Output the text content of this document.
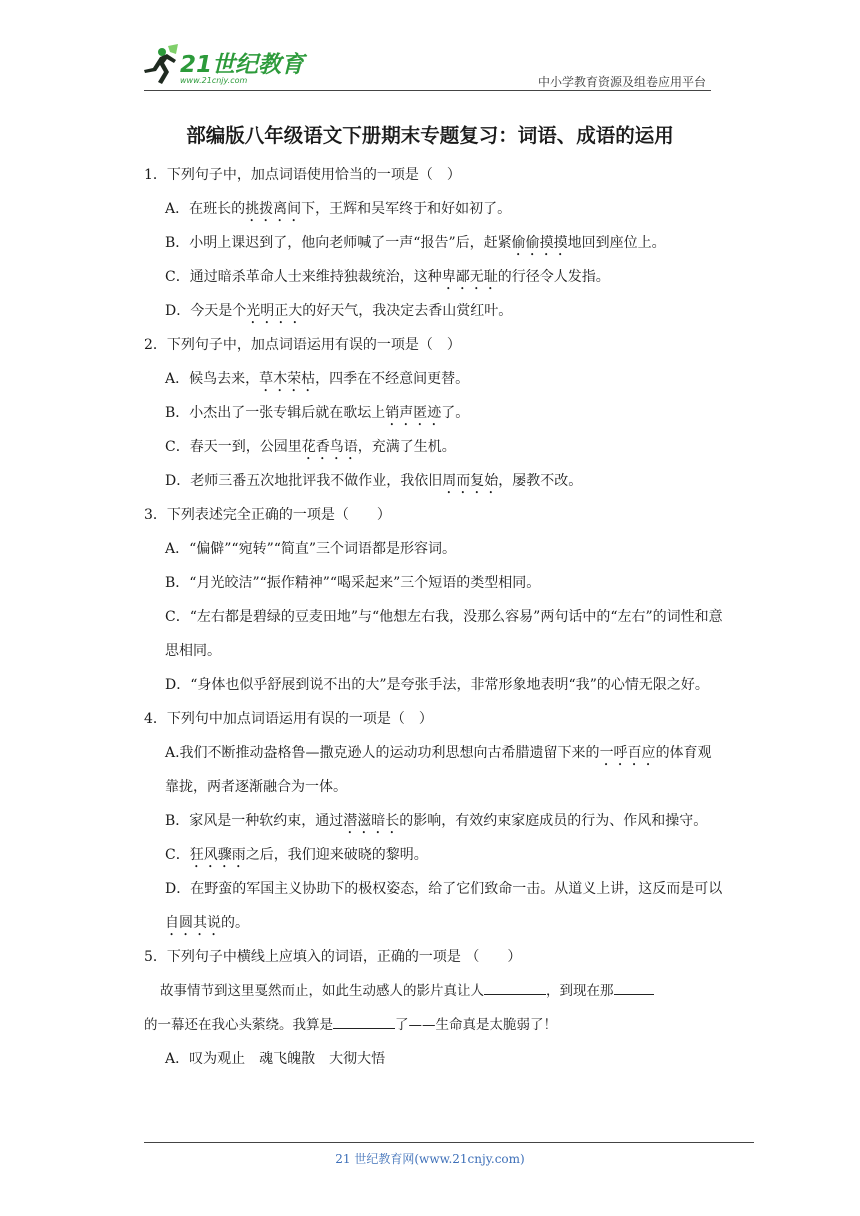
21世纪教育
www.21cnjy.com	中小学教育资源及组卷应用平台
部编版八年级语文下册期末专题复习：词语、成语的运用
1．下列句子中，加点词语使用恰当的一项是（　）
A．在班长的挑拨离间下，王辉和吴军终于和好如初了。
B．小明上课迟到了，他向老师喊了一声“报告”后，赶紧偷偷摸摸地回到座位上。
C．通过暗杀革命人士来维持独裁统治，这种卑鄙无耻的行径令人发指。
D．今天是个光明正大的好天气，我决定去香山赏红叶。
2．下列句子中，加点词语运用有误的一项是（　）
A．候鸟去来，草木荣枯，四季在不经意间更替。
B．小杰出了一张专辑后就在歌坛上销声匿迹了。
C．春天一到，公园里花香鸟语，充满了生机。
D．老师三番五次地批评我不做作业，我依旧周而复始，屡教不改。
3．下列表述完全正确的一项是（　　）
A．“偏僻”“宛转”“简直”三个词语都是形容词。
B．“月光皎洁”“振作精神”“喝采起来”三个短语的类型相同。
C．“左右都是碧绿的豆麦田地”与“他想左右我，没那么容易”两句话中的“左右”的词性和意思相同。
D．“身体也似乎舒展到说不出的大”是夸张手法，非常形象地表明“我”的心情无限之好。
4．下列句中加点词语运用有误的一项是（　）
A.我们不断推动盎格鲁—撒克逊人的运动功利思想向古希腊遗留下来的一呼百应的体育观靠拢，两者逐渐融合为一体。
B．家风是一种软约束，通过潜滋暗长的影响，有效约束家庭成员的行为、作风和操守。
C．狂风骤雨之后，我们迎来破晓的黎明。
D．在野蛮的军国主义协助下的极权姿态，给了它们致命一击。从道义上讲，这反而是可以自圆其说的。
5．下列句子中横线上应填入的词语，正确的一项是 （　　）
故事情节到这里戛然而止，如此生动感人的影片真让人	，到现在那
的一幕还在我心头萦绕。我算是	了——生命真是太脆弱了！
A．叹为观止　魂飞魄散　大彻大悟
21 世纪教育网(www.21cnjy.com)
